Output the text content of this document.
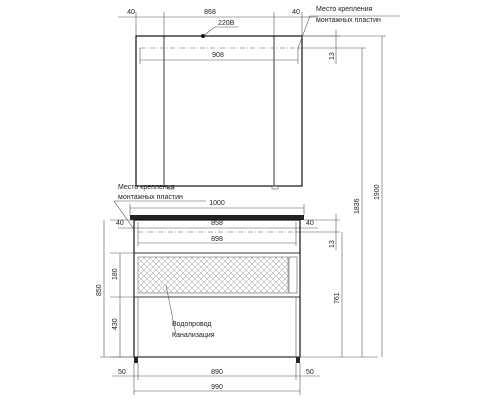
40	868	40
220В
908
Место крепления
монтажных пластин
13
Место крепления
монтажных пластин
1000
40	858	40
898
13
Водопровод
Канализация
850
180
430
761
50	890	50
990
1836
1900
